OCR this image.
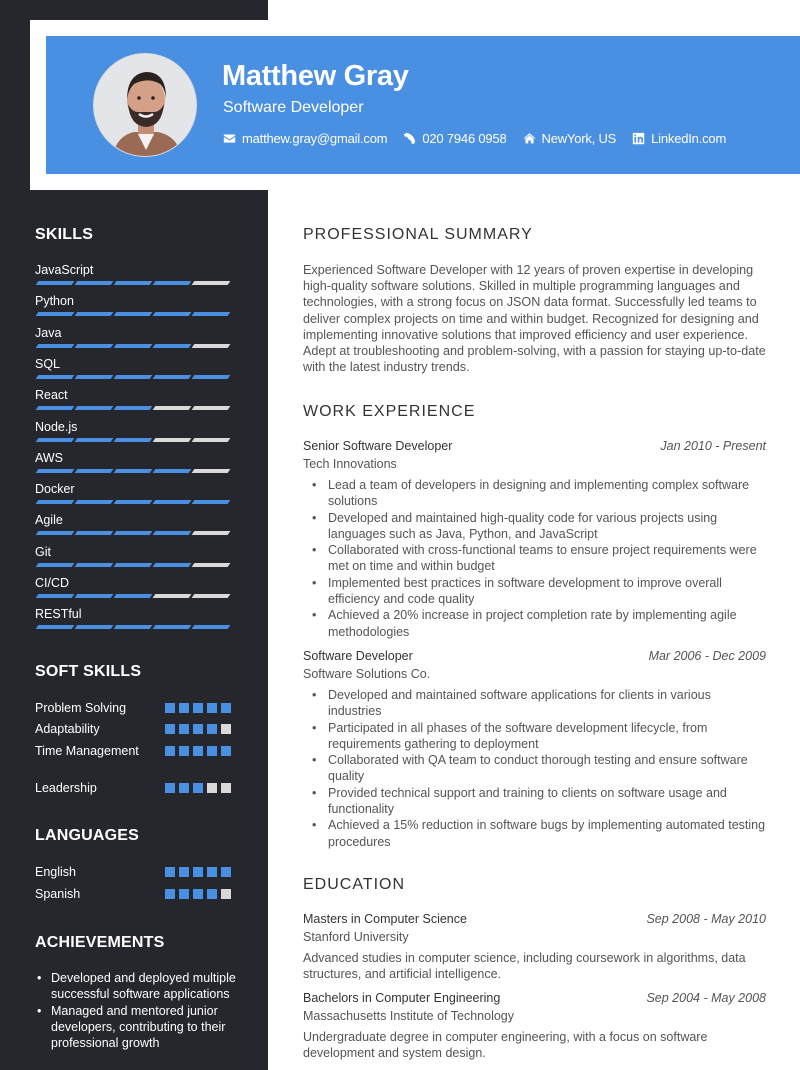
Matthew Gray
Software Developer
matthew.gray@gmail.com	020 7946 0958	NewYork, US	LinkedIn.com
SKILLS
JavaScript
Python
Java
SQL
React
Node.js
AWS
Docker
Agile
Git
CI/CD
RESTful
SOFT SKILLS
Problem Solving
Adaptability
Time Management
Leadership
LANGUAGES
English
Spanish
ACHIEVEMENTS
• Developed and deployed multiple successful software applications
• Managed and mentored junior developers, contributing to their professional growth
PROFESSIONAL SUMMARY
Experienced Software Developer with 12 years of proven expertise in developing high-quality software solutions. Skilled in multiple programming languages and technologies, with a strong focus on JSON data format. Successfully led teams to deliver complex projects on time and within budget. Recognized for designing and implementing innovative solutions that improved efficiency and user experience. Adept at troubleshooting and problem-solving, with a passion for staying up-to-date with the latest industry trends.
WORK EXPERIENCE
Senior Software Developer	Jan 2010 - Present
Tech Innovations
• Lead a team of developers in designing and implementing complex software solutions
• Developed and maintained high-quality code for various projects using languages such as Java, Python, and JavaScript
• Collaborated with cross-functional teams to ensure project requirements were met on time and within budget
• Implemented best practices in software development to improve overall efficiency and code quality
• Achieved a 20% increase in project completion rate by implementing agile methodologies
Software Developer	Mar 2006 - Dec 2009
Software Solutions Co.
• Developed and maintained software applications for clients in various industries
• Participated in all phases of the software development lifecycle, from requirements gathering to deployment
• Collaborated with QA team to conduct thorough testing and ensure software quality
• Provided technical support and training to clients on software usage and functionality
• Achieved a 15% reduction in software bugs by implementing automated testing procedures
EDUCATION
Masters in Computer Science	Sep 2008 - May 2010
Stanford University
Advanced studies in computer science, including coursework in algorithms, data structures, and artificial intelligence.
Bachelors in Computer Engineering	Sep 2004 - May 2008
Massachusetts Institute of Technology
Undergraduate degree in computer engineering, with a focus on software development and system design.
